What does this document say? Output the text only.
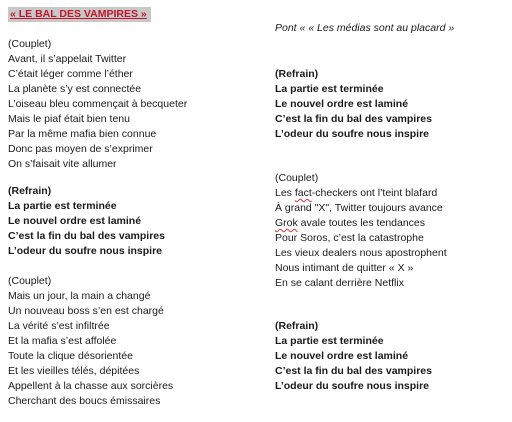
« LE BAL DES VAMPIRES »
(Couplet)
Avant, il s’appelait Twitter
C’était léger comme l’éther
La planète s’y est connectée
L’oiseau bleu commençait à becqueter
Mais le piaf était bien tenu
Par la même mafia bien connue
Donc pas moyen de s’exprimer
On s’faisait vite allumer
(Refrain)
La partie est terminée
Le nouvel ordre est laminé
C’est la fin du bal des vampires
L’odeur du soufre nous inspire
(Couplet)
Mais un jour, la main a changé
Un nouveau boss s’en est chargé
La vérité s’est infiltrée
Et la mafia s’est affolée
Toute la clique désorientée
Et les vieilles télés, dépitées
Appellent à la chasse aux sorcières
Cherchant des boucs émissaires
Pont « « Les médias sont au placard »
(Refrain)
La partie est terminée
Le nouvel ordre est laminé
C’est la fin du bal des vampires
L’odeur du soufre nous inspire
(Couplet)
Les fact-checkers ont l’teint blafard
À grand "X", Twitter toujours avance
Grok avale toutes les tendances
Pour Soros, c’est la catastrophe
Les vieux dealers nous apostrophent
Nous intimant de quitter « X »
En se calant derrière Netflix
(Refrain)
La partie est terminée
Le nouvel ordre est laminé
C’est la fin du bal des vampires
L’odeur du soufre nous inspire
